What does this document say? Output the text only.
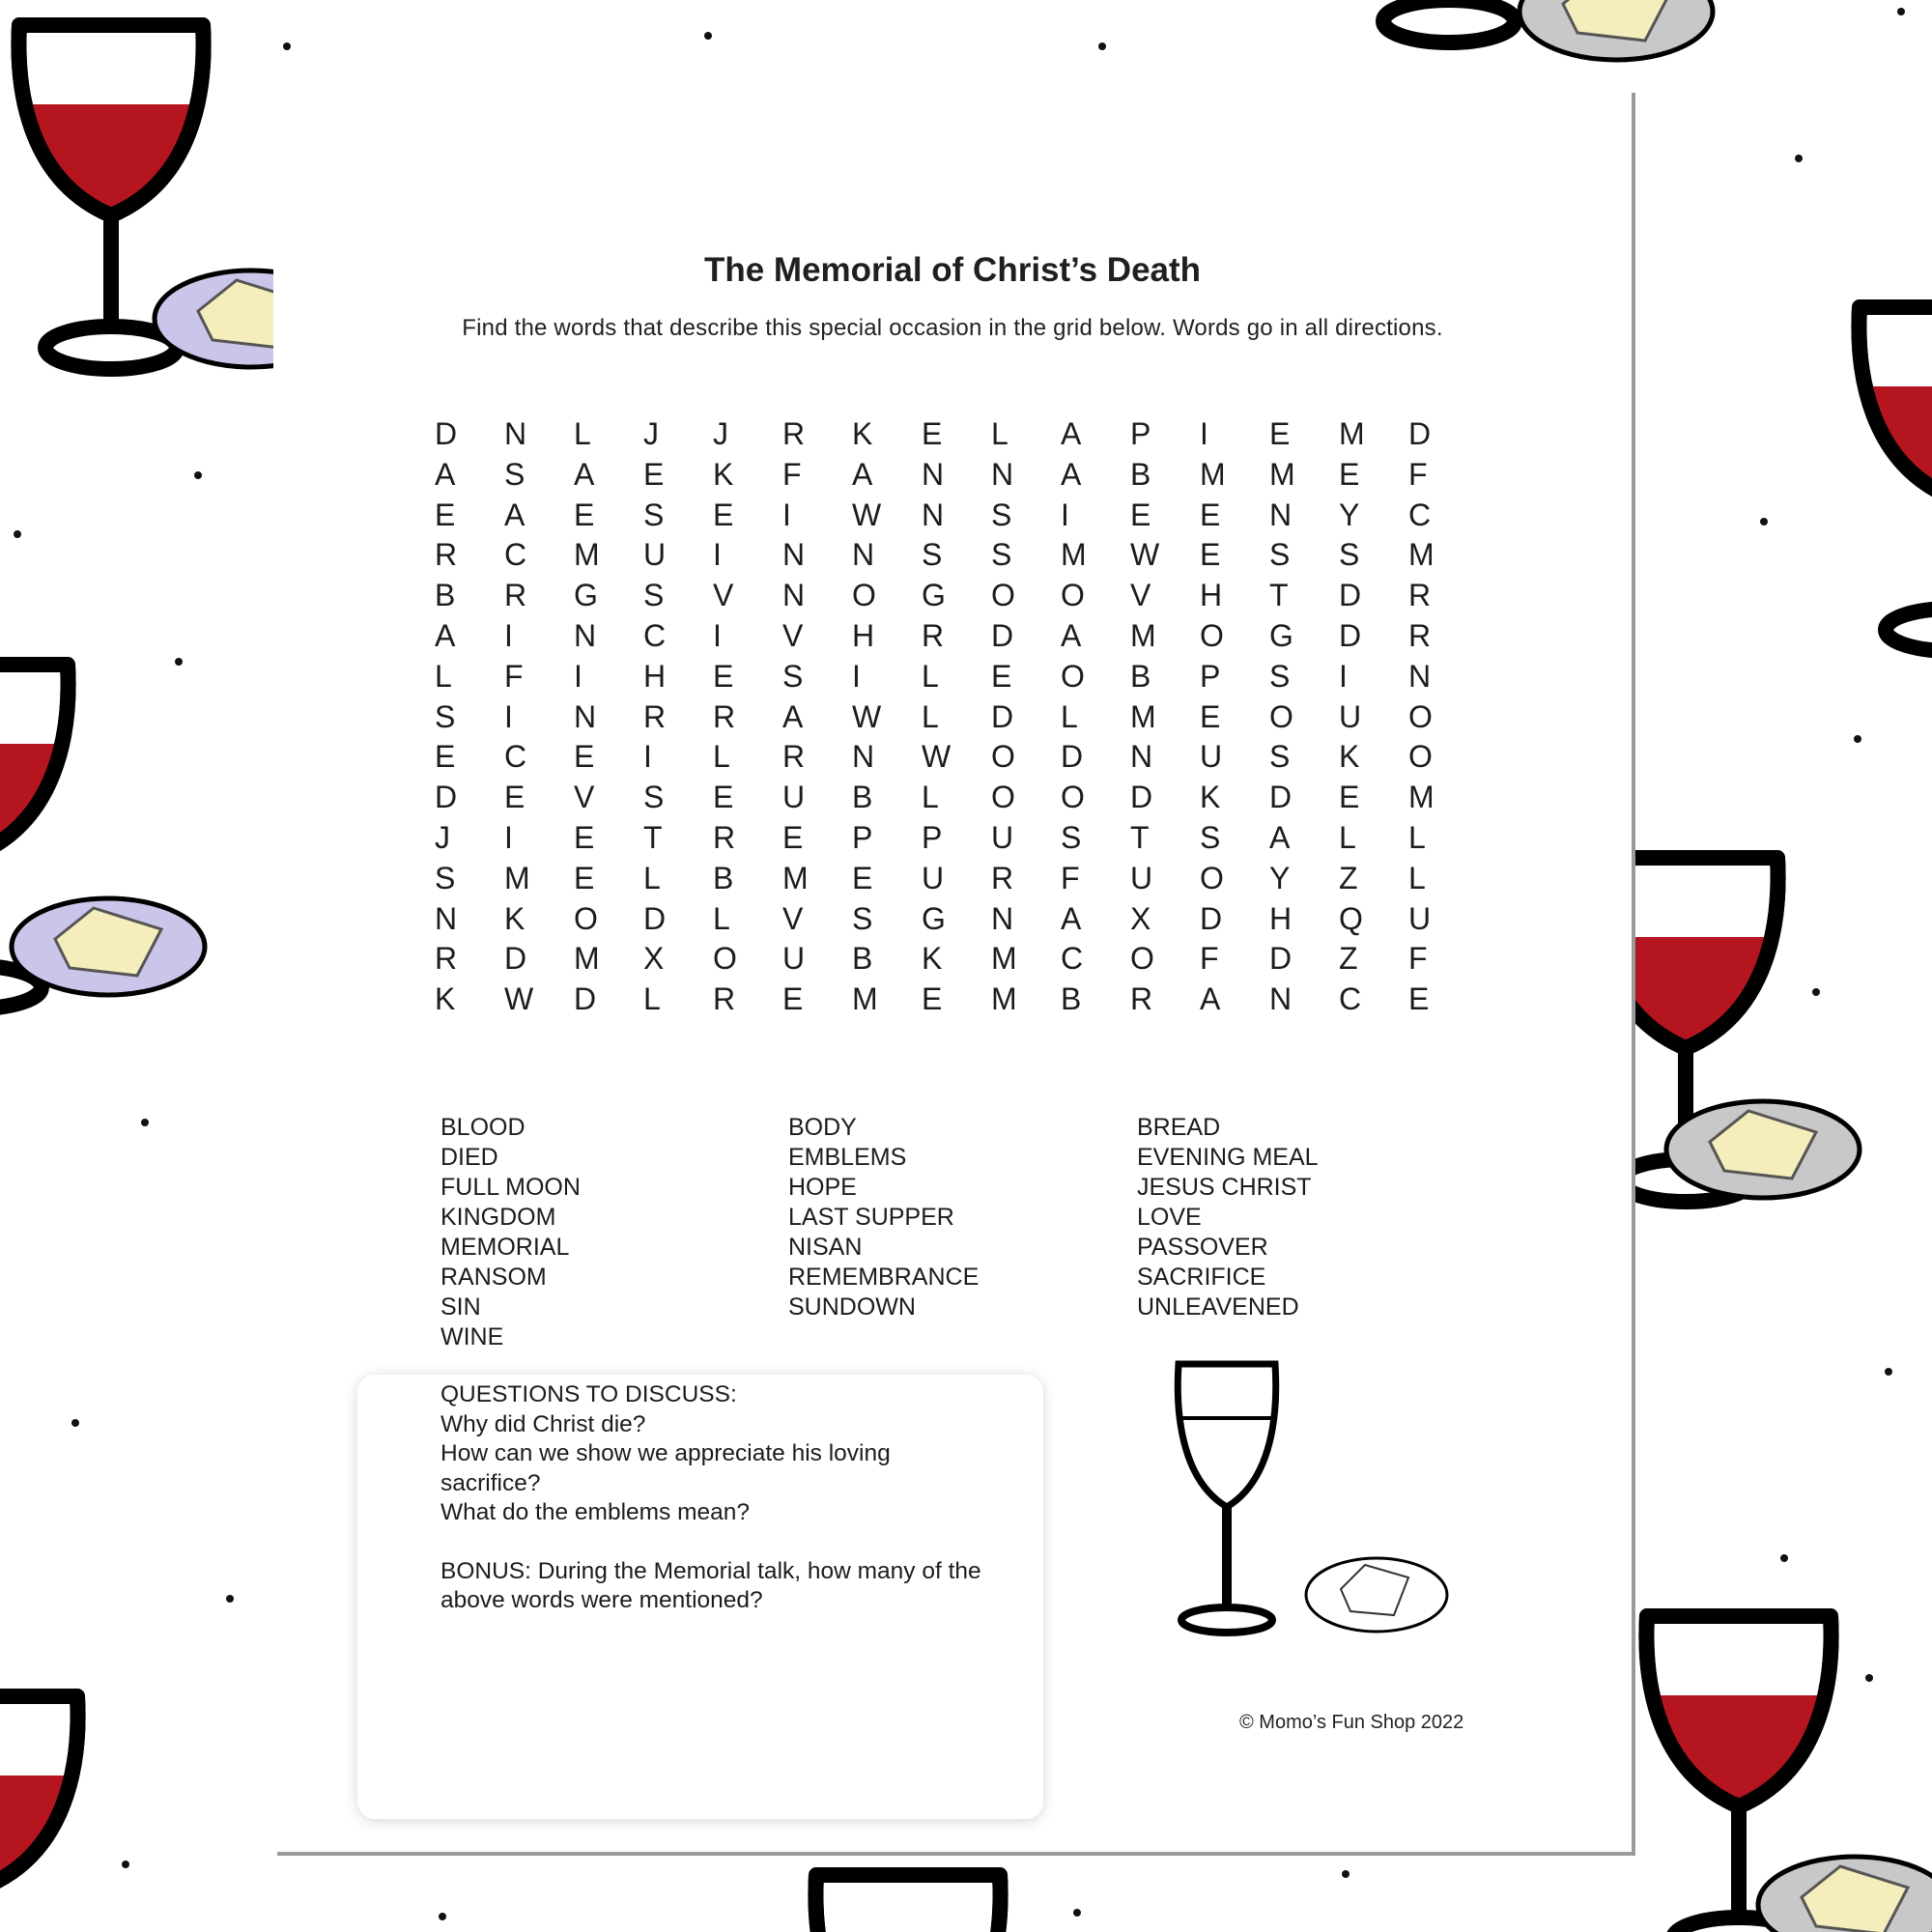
The Memorial of Christ’s Death
Find the words that describe this special occasion in the grid below. Words go in all directions.
D	N	L	J	J	R	K	E	L	A	P	I	E	M	D
A	S	A	E	K	F	A	N	N	A	B	M	M	E	F
E	A	E	S	E	I	W	N	S	I	E	E	N	Y	C
R	C	M	U	I	N	N	S	S	M	W	E	S	S	M
B	R	G	S	V	N	O	G	O	O	V	H	T	D	R
A	I	N	C	I	V	H	R	D	A	M	O	G	D	R
L	F	I	H	E	S	I	L	E	O	B	P	S	I	N
S	I	N	R	R	A	W	L	D	L	M	E	O	U	O
E	C	E	I	L	R	N	W	O	D	N	U	S	K	O
D	E	V	S	E	U	B	L	O	O	D	K	D	E	M
J	I	E	T	R	E	P	P	U	S	T	S	A	L	L
S	M	E	L	B	M	E	U	R	F	U	O	Y	Z	L
N	K	O	D	L	V	S	G	N	A	X	D	H	Q	U
R	D	M	X	O	U	B	K	M	C	O	F	D	Z	F
K	W	D	L	R	E	M	E	M	B	R	A	N	C	E
BLOOD
DIED
FULL MOON
KINGDOM
MEMORIAL
RANSOM
SIN
WINE
BODY
EMBLEMS
HOPE
LAST SUPPER
NISAN
REMEMBRANCE
SUNDOWN
BREAD
EVENING MEAL
JESUS CHRIST
LOVE
PASSOVER
SACRIFICE
UNLEAVENED
QUESTIONS TO DISCUSS:
Why did Christ die?
How can we show we appreciate his loving sacrifice?
What do the emblems mean?
BONUS: During the Memorial talk, how many of the above words were mentioned?
© Momo’s Fun Shop 2022
